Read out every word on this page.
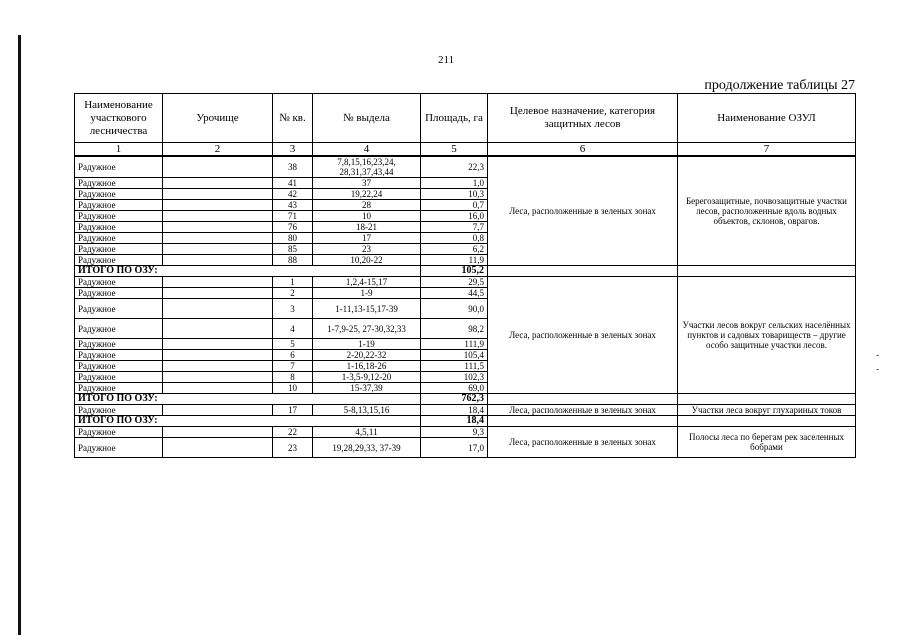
211
продолжение таблицы 27
-
-
Наименование участкового лесничества	Урочище	№ кв.	№ выдела	Площадь, га	Целевое назначение, категория защитных лесов	Наименование ОЗУЛ
1	2	3	4	5	6	7
Радужное		38	7,8,15,16,23,24, 28,31,37,43,44	22,3	Леса, расположенные в зеленых зонах	Берегозащитные, почвозащитные участки лесов, расположенные вдоль водных объектов, склонов, оврагов.
Радужное		41	37	1,0		
Радужное		42	19,22,24	10,3		
Радужное		43	28	0,7		
Радужное		71	10	16,0		
Радужное		76	18-21	7,7		
Радужное		80	17	0,8		
Радужное		85	23	6,2		
Радужное		88	10,20-22	11,9		
ИТОГО ПО ОЗУ:				105,2		
Радужное		1	1,2,4-15,17	29,5	Леса, расположенные в зеленых зонах	Участки лесов вокруг сельских населённых пунктов и садовых товариществ – другие особо защитные участки лесов.
Радужное		2	1-9	44,5		
Радужное		3	1-11,13-15,17-39	90,0		
Радужное		4	1-7,9-25, 27-30,32,33	98,2		
Радужное		5	1-19	111,9		
Радужное		6	2-20,22-32	105,4		
Радужное		7	1-16,18-26	111,5		
Радужное		8	1-3,5-9,12-20	102,3		
Радужное		10	15-37,39	69,0		
ИТОГО ПО ОЗУ:				762,3		
Радужное		17	5-8,13,15,16	18,4	Леса, расположенные в зеленых зонах	Участки леса вокруг глухариных токов
ИТОГО ПО ОЗУ:				18,4		
Радужное		22	4,5,11	9,3	Леса, расположенные в зеленых зонах	Полосы леса по берегам рек заселенных бобрами
Радужное		23	19,28,29,33, 37-39	17,0		
